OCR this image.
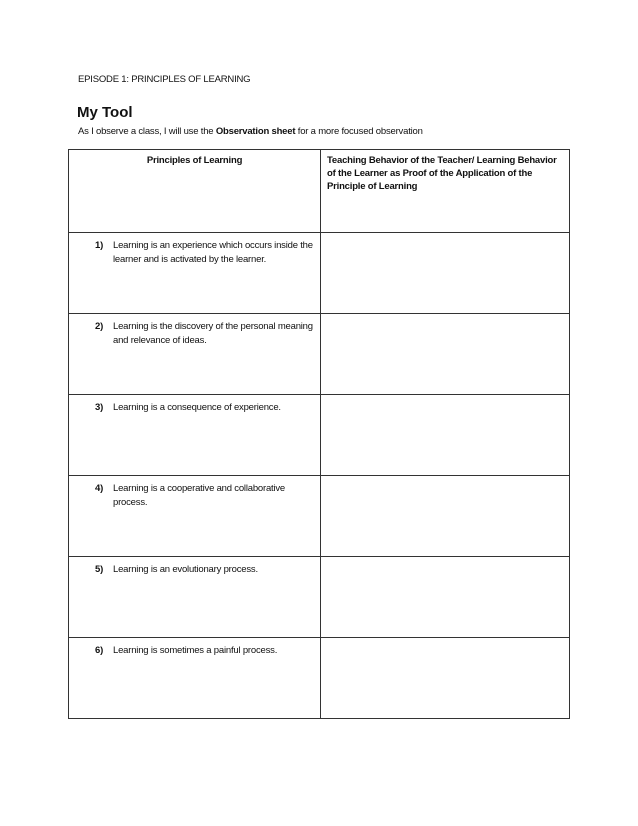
EPISODE 1: PRINCIPLES OF LEARNING
My Tool
As I observe a class, I will use the Observation sheet for a more focused observation
Principles of Learning	Teaching Behavior of the Teacher/ Learning Behavior of the Learner as Proof of the Application of the Principle of Learning

1) Learning is an experience which occurs inside the learner and is activated by the learner.	

2) Learning is the discovery of the personal meaning and relevance of ideas.	

3) Learning is a consequence of experience.	

4) Learning is a cooperative and collaborative process.	

5) Learning is an evolutionary process.	

6) Learning is sometimes a painful process.	
